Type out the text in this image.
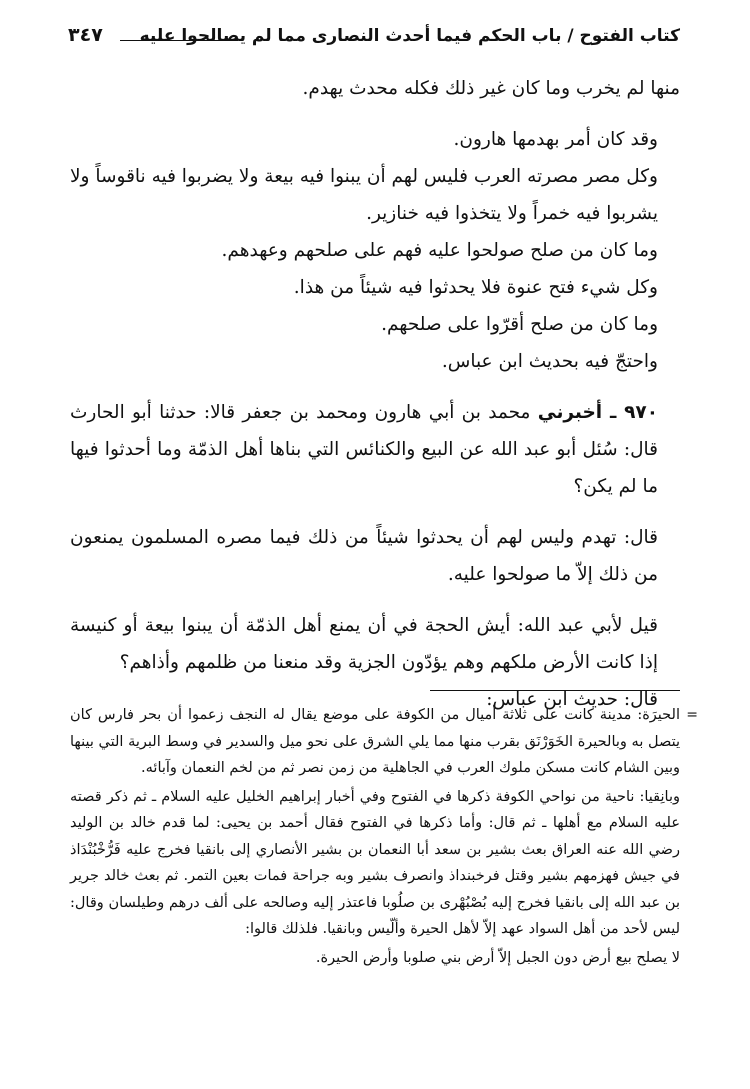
كتاب الفتوح / باب الحكم فيما أحدث النصارى مما لم يصالحوا عليه
٣٤٧

منها لم يخرب وما كان غير ذلك فكله محدث يهدم.

وقد كان أمر بهدمها هارون.

وكل مصر مصرته العرب فليس لهم أن يبنوا فيه بيعة ولا يضربوا فيه ناقوساً ولا يشربوا فيه خمراً ولا يتخذوا فيه خنازير.

وما كان من صلح صولحوا عليه فهم على صلحهم وعهدهم.

وكل شيء فتح عنوة فلا يحدثوا فيه شيئاً من هذا.

وما كان من صلح أقرّوا على صلحهم.

واحتجّ فيه بحديث ابن عباس.

٩٧٠ ـ أخبرني محمد بن أبي هارون ومحمد بن جعفر قالا: حدثنا أبو الحارث قال: سُئل أبو عبد الله عن البيع والكنائس التي بناها أهل الذمّة وما أحدثوا فيها ما لم يكن؟

قال: تهدم وليس لهم أن يحدثوا شيئاً من ذلك فيما مصره المسلمون يمنعون من ذلك إلاّ ما صولحوا عليه.

قيل لأبي عبد الله: أيش الحجة في أن يمنع أهل الذمّة أن يبنوا بيعة أو كنيسة إذا كانت الأرض ملكهم وهم يؤدّون الجزية وقد منعنا من ظلمهم وأذاهم؟

قال: حديث ابن عباس:

=

الحيرَة: مدينة كانت على ثلاثة أميال من الكوفة على موضع يقال له النجف زعموا أن بحر فارس كان يتصل به وبالحيرة الخَوَرْنَق بقرب منها مما يلي الشرق على نحو ميل والسدير في وسط البرية التي بينها وبين الشام كانت مسكن ملوك العرب في الجاهلية من زمن نصر ثم من لخم النعمان وآبائه.

وبانِقيا: ناحية من نواحي الكوفة ذكرها في الفتوح وفي أخبار إبراهيم الخليل عليه السلام ـ ثم ذكر قصته عليه السلام مع أهلها ـ ثم قال: وأما ذكرها في الفتوح فقال أحمد بن يحيى: لما قدم خالد بن الوليد رضي الله عنه العراق بعث بشير بن سعد أبا النعمان بن بشير الأنصاري إلى بانقيا فخرج عليه فَرُّخْبُنْدَاذ في جيش فهزمهم بشير وقتل فرخبنداذ وانصرف بشير وبه جراحة فمات بعين التمر. ثم بعث خالد جرير بن عبد الله إلى بانقيا فخرج إليه بُصْبُهْرى بن صلُوبا فاعتذر إليه وصالحه على ألف درهم وطيلسان وقال: ليس لأحد من أهل السواد عهد إلاّ لأهل الحيرة وألّيس وبانقيا. فلذلك قالوا:

لا يصلح بيع أرض دون الجبل إلاّ أرض بني صلوبا وأرض الحيرة.
